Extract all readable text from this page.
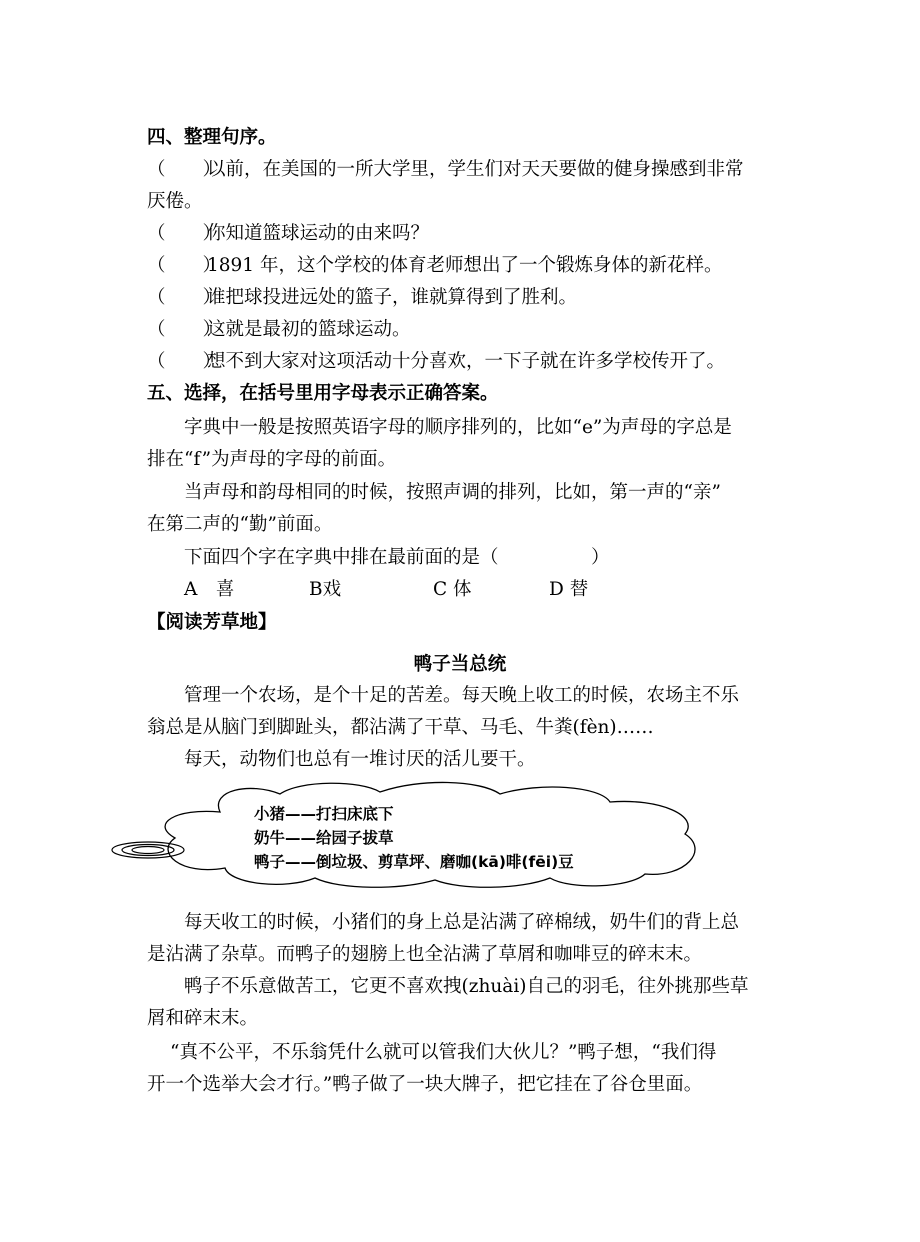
四、整理句序。
（　　）以前，在美国的一所大学里，学生们对天天要做的健身操感到非常
厌倦。
（　　）你知道篮球运动的由来吗？
（　　）1891 年，这个学校的体育老师想出了一个锻炼身体的新花样。
（　　）谁把球投进远处的篮子，谁就算得到了胜利。
（　　）这就是最初的篮球运动。
（　　）想不到大家对这项活动十分喜欢，一下子就在许多学校传开了。
五、选择，在括号里用字母表示正确答案。
字典中一般是按照英语字母的顺序排列的，比如“e”为声母的字总是
排在“f”为声母的字母的前面。
当声母和韵母相同的时候，按照声调的排列，比如，第一声的“亲”
在第二声的“勤”前面。
下面四个字在字典中排在最前面的是（　　　　　）
A　喜	B戏	C 体	D 替
【阅读芳草地】
鸭子当总统
管理一个农场，是个十足的苦差。每天晚上收工的时候，农场主不乐
翁总是从脑门到脚趾头，都沾满了干草、马毛、牛粪(fèn)……
每天，动物们也总有一堆讨厌的活儿要干。
小猪——打扫床底下
奶牛——给园子拔草
鸭子——倒垃圾、剪草坪、磨咖(kā)啡(fēi)豆
每天收工的时候，小猪们的身上总是沾满了碎棉绒，奶牛们的背上总
是沾满了杂草。而鸭子的翅膀上也全沾满了草屑和咖啡豆的碎末末。
鸭子不乐意做苦工，它更不喜欢拽(zhuài)自己的羽毛，往外挑那些草
屑和碎末末。
“真不公平，不乐翁凭什么就可以管我们大伙儿？”鸭子想，“我们得
开一个选举大会才行。”鸭子做了一块大牌子，把它挂在了谷仓里面。
